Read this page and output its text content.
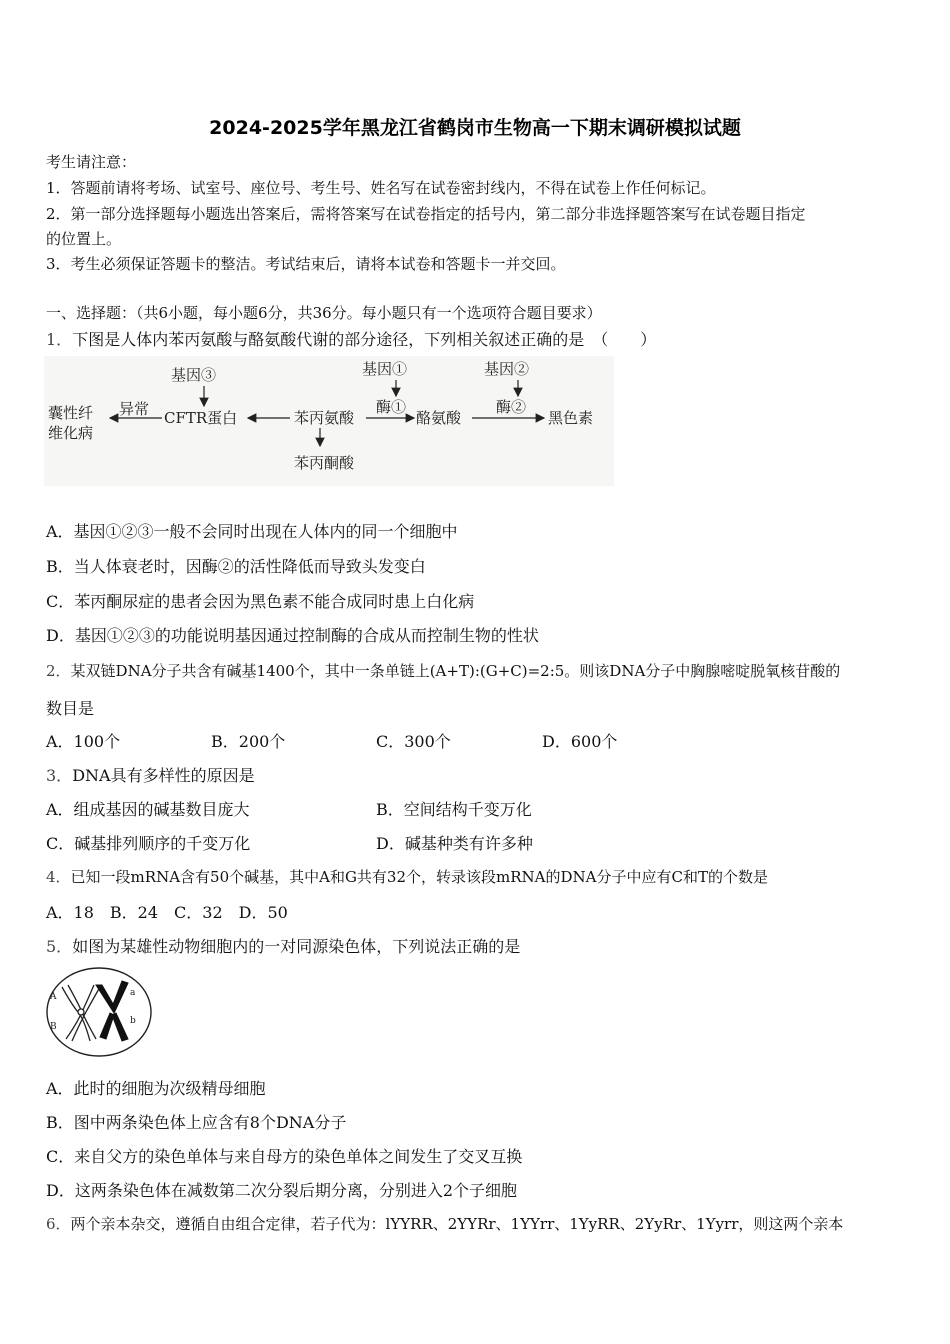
2024-2025学年黑龙江省鹤岗市生物高一下期末调研模拟试题
考生请注意：
1．答题前请将考场、试室号、座位号、考生号、姓名写在试卷密封线内，不得在试卷上作任何标记。
2．第一部分选择题每小题选出答案后，需将答案写在试卷指定的括号内，第二部分非选择题答案写在试卷题目指定
的位置上。
3．考生必须保证答题卡的整洁。考试结束后，请将本试卷和答题卡一并交回。
一、选择题：（共6小题，每小题6分，共36分。每小题只有一个选项符合题目要求）
1．下图是人体内苯丙氨酸与酪氨酸代谢的部分途径，下列相关叙述正确的是　（　　）
基因③
囊性纤
维化病
异常 CFTR蛋白	苯丙氨酸
基因①
酶①
酪氨酸
基因②
酶②
黑色素
苯丙酮酸
A．基因①②③一般不会同时出现在人体内的同一个细胞中
B．当人体衰老时，因酶②的活性降低而导致头发变白
C．苯丙酮尿症的患者会因为黑色素不能合成同时患上白化病
D．基因①②③的功能说明基因通过控制酶的合成从而控制生物的性状
2．某双链DNA分子共含有碱基1400个，其中一条单链上(A+T):(G+C)=2:5。则该DNA分子中胸腺嘧啶脱氧核苷酸的
数目是
A．100个	B．200个	C．300个	D．600个
3．DNA具有多样性的原因是
A．组成基因的碱基数目庞大	B．空间结构千变万化
C．碱基排列顺序的千变万化	D．碱基种类有许多种
4．已知一段mRNA含有50个碱基，其中A和G共有32个，转录该段mRNA的DNA分子中应有C和T的个数是
A．18　B．24　C．32　D．50
5．如图为某雄性动物细胞内的一对同源染色体，下列说法正确的是
A
B
a
b
A．此时的细胞为次级精母细胞
B．图中两条染色体上应含有8个DNA分子
C．来自父方的染色单体与来自母方的染色单体之间发生了交叉互换
D．这两条染色体在减数第二次分裂后期分离，分别进入2个子细胞
6．两个亲本杂交，遵循自由组合定律，若子代为：lYYRR、2YYRr、1YYrr、1YyRR、2YyRr、1Yyrr，则这两个亲本
